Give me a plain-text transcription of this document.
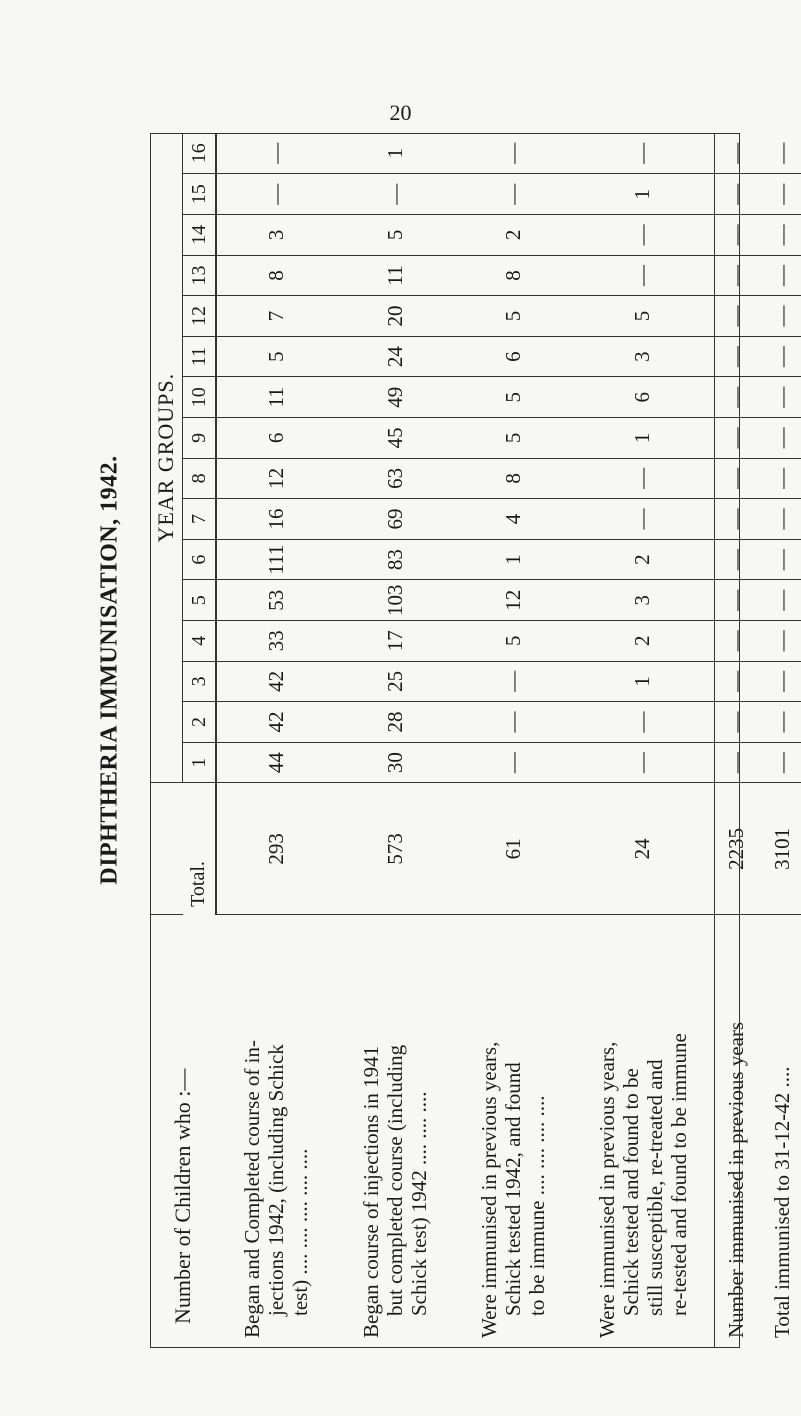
20
DIPHTHERIA IMMUNISATION, 1942.
Number of Children who :—		YEAR GROUPS.															
	Total.	1	2	3	4	5	6	7	8	9	10	11	12	13	14	15	16

Began and Completed course of in- jections 1942, (including Schick test) .... .... .... .... ....	293	44	42	42	33	53	111	16	12	6	11	5	7	8	3	—	—

Began course of injections in 1941 but completed course (including Schick test) 1942 .... .... ....	573	30	28	25	17	103	83	69	63	45	49	24	20	11	5	—	1

Were immunised in previous years, Schick tested 1942, and found to be immune .... .... .... ....	61	—	—	—	5	12	1	4	8	5	5	6	5	8	2	—	—

Were immunised in previous years, Schick tested and found to be still susceptible, re-treated and re-tested and found to be immune	24	—	—	1	2	3	2	—	—	1	6	3	5	—	—	1	—

Number immunised in previous years	2235	—	—	—	—	—	—	—	—	—	—	—	—	—	—	—	—

Total immunised to 31-12-42 ....	3101	—	—	—	—	—	—	—	—	—	—	—	—	—	—	—	—
